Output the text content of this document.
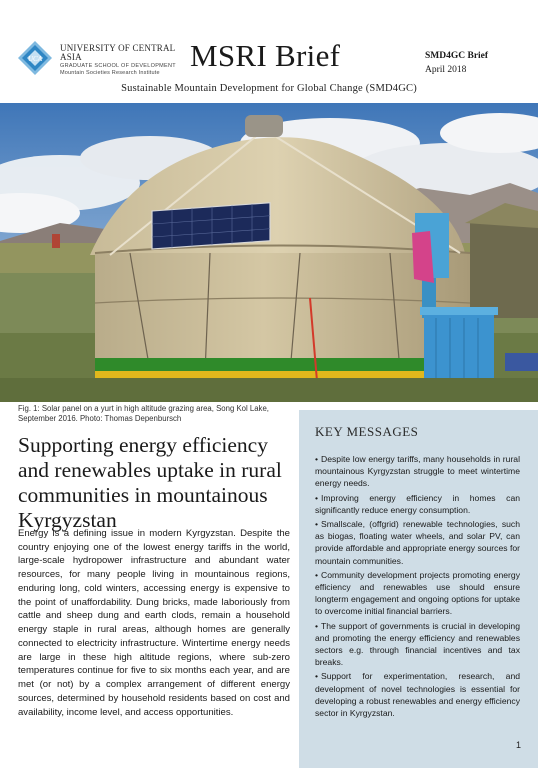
UCA
UNIVERSITY OF CENTRAL ASIA
GRADUATE SCHOOL OF DEVELOPMENT
Mountain Societies Research Institute MSRI Brief	SMD4GC Brief
April 2018
Sustainable Mountain Development for Global Change (SMD4GC)
Fig. 1: Solar panel on a yurt in high altitude grazing area, Song Kol Lake, September 2016. Photo: Thomas Depenbursch
Supporting energy efficiency and renewables uptake in rural communities in mountainous Kyrgyzstan

Energy is a defining issue in modern Kyrgyzstan. Despite the country enjoying one of the lowest energy tariffs in the world, large-scale hydropower infrastructure and abundant water resources, for many people living in mountainous regions, enduring long, cold winters, accessing energy is expensive to the point of unaffordability. Dung bricks, made laboriously from cattle and sheep dung and earth clods, remain a household energy staple in rural areas, although homes are generally connected to electricity infrastructure. Wintertime energy needs are large in these high altitude regions, where sub-zero temperatures continue for five to six months each year, and are met (or not) by a complex arrangement of different energy sources, determined by household residents based on cost and availability, income level, and access opportunities.

KEY MESSAGES
• Despite low energy tariffs, many households in rural mountainous Kyrgyzstan struggle to meet wintertime energy needs.
• Improving energy efficiency in homes can significantly reduce energy consumption.
• Smallscale, (offgrid) renewable technologies, such as biogas, floating water wheels, and solar PV, can provide affordable and appropriate energy sources for mountain communities.
• Community development projects promoting energy efficiency and renewables use should ensure longterm engagement and ongoing options for uptake to overcome initial financial barriers.
• The support of governments is crucial in developing and promoting the energy efficiency and renewables sectors e.g. through financial incentives and tax breaks.
• Support for experimentation, research, and development of novel technologies is essential for developing a robust renewables and energy efficiency sector in Kyrgyzstan.
1
